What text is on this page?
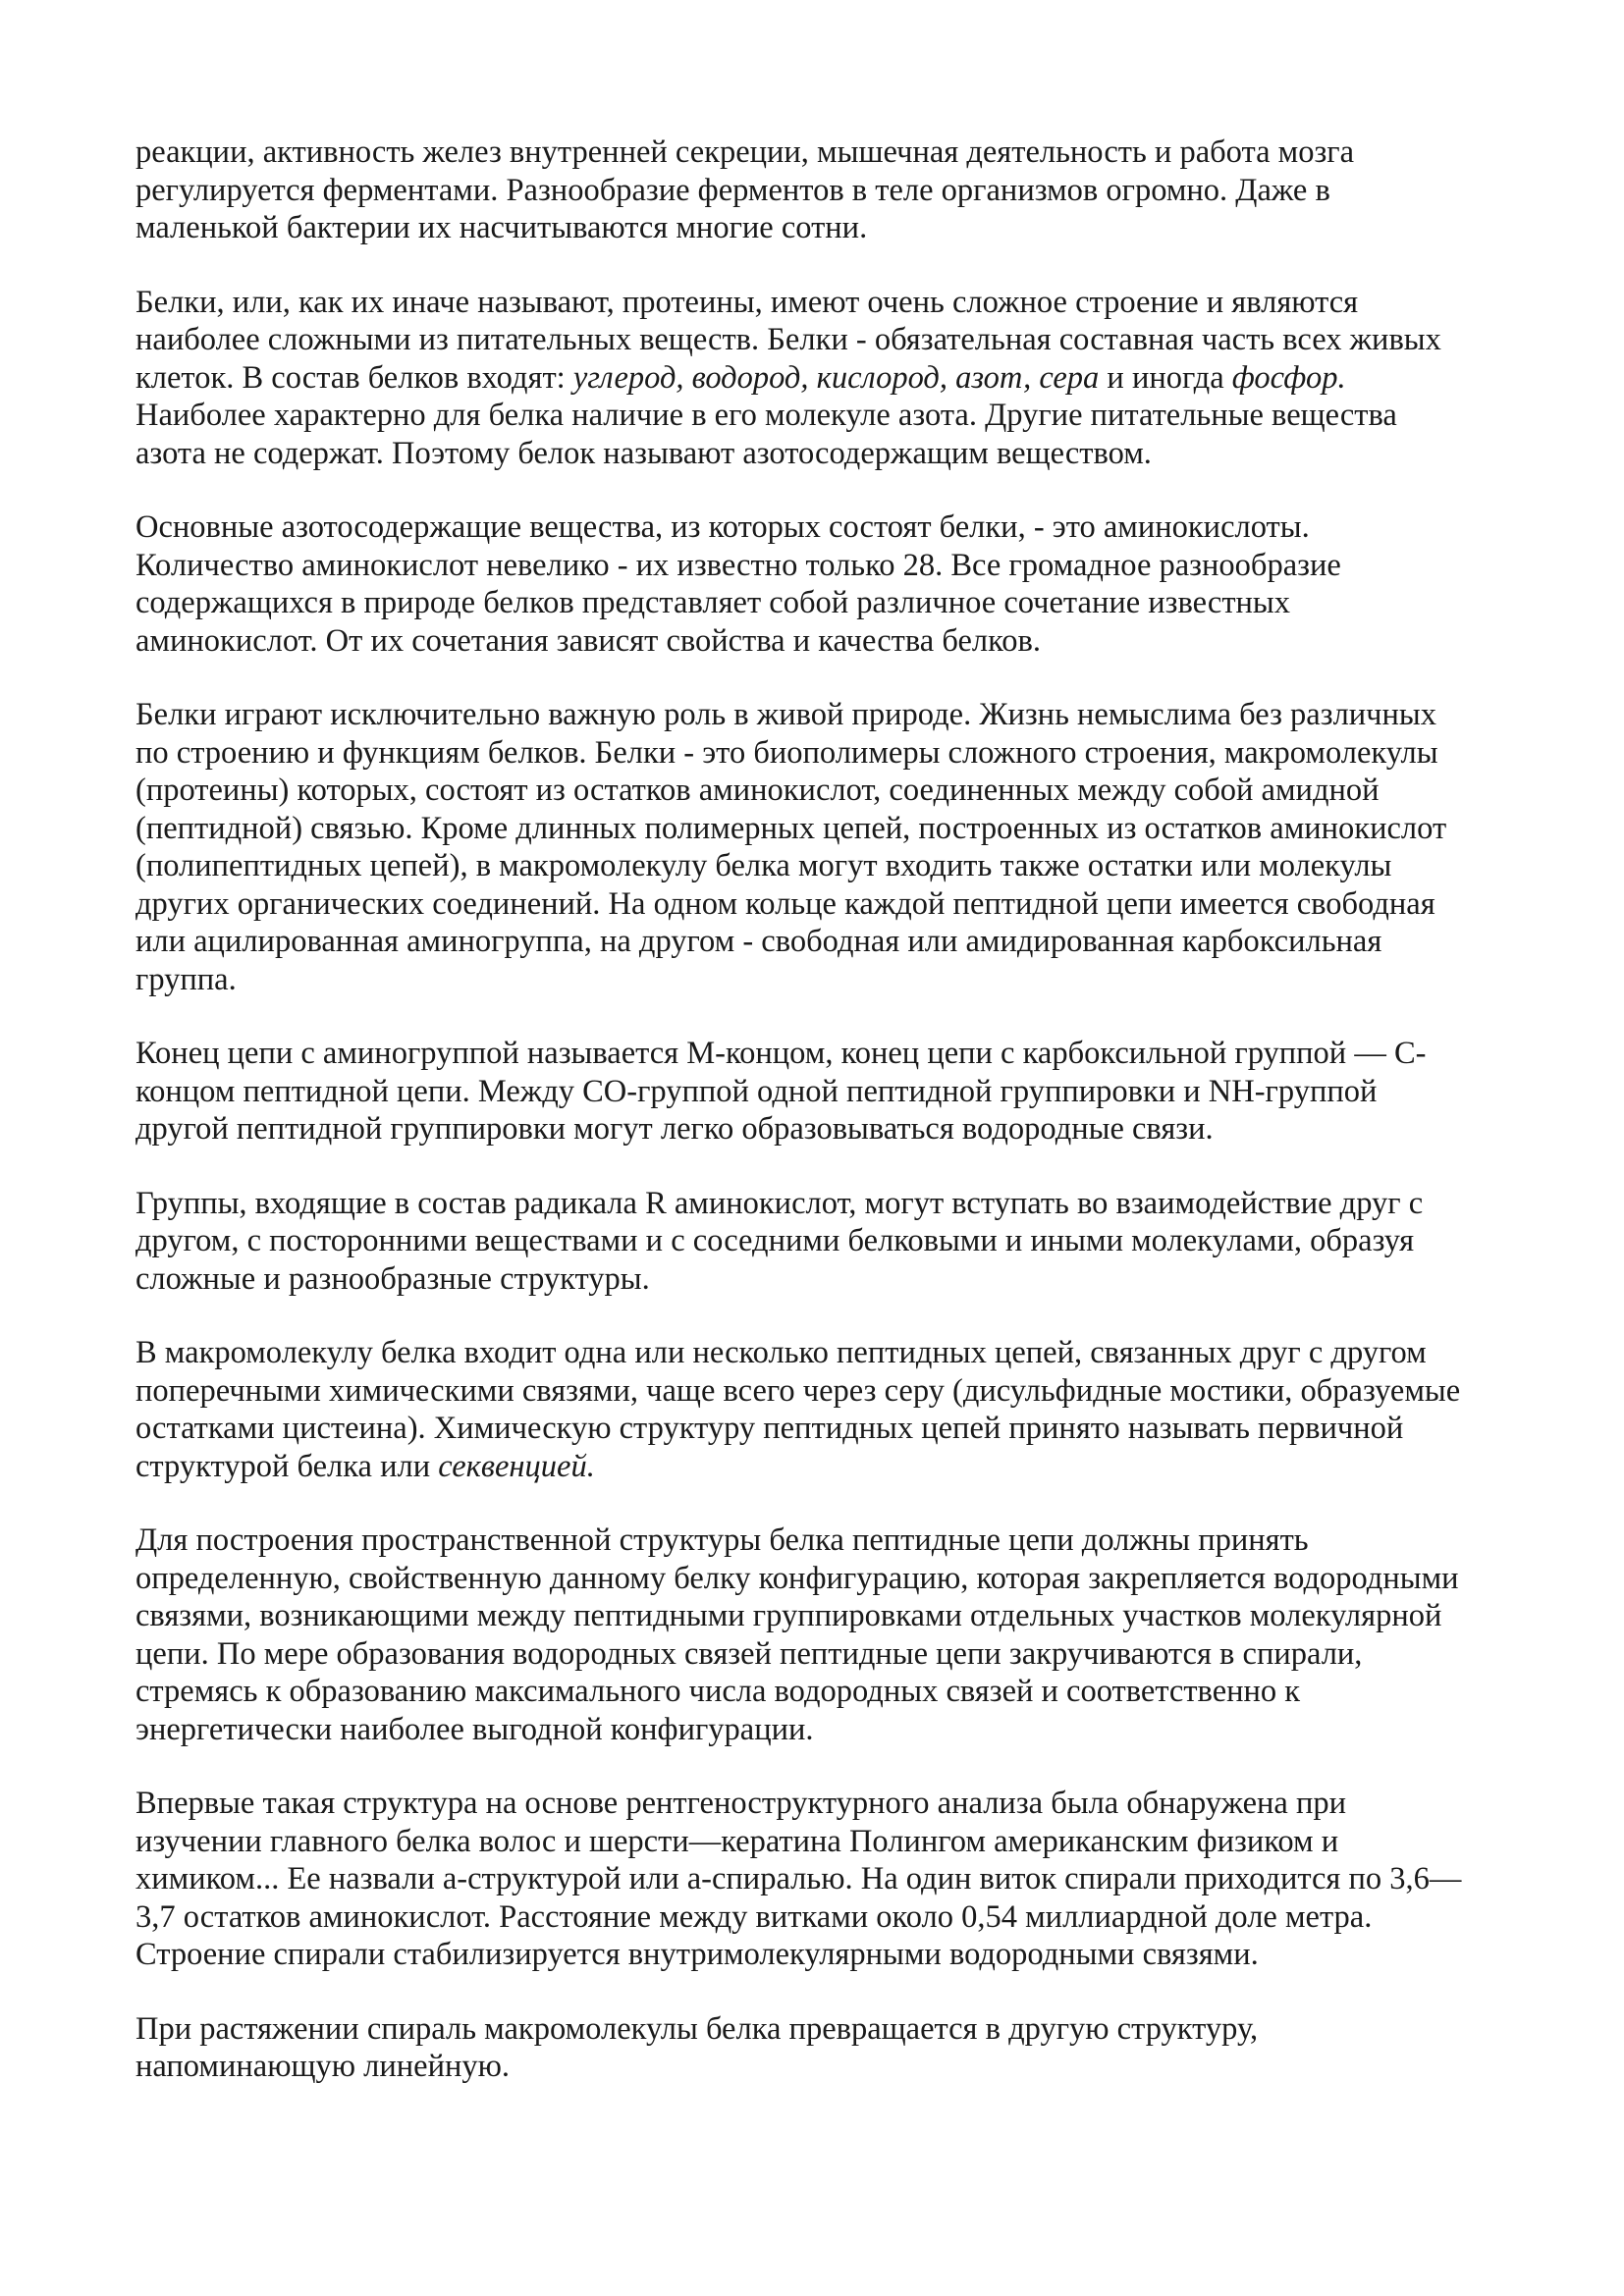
реакции, активность желез внутренней секреции, мышечная деятельность и работа мозга
регулируется ферментами. Разнообразие ферментов в теле организмов огромно. Даже в
маленькой бактерии их насчитываются многие сотни.

Белки, или, как их иначе называют, протеины, имеют очень сложное строение и являются
наиболее сложными из питательных веществ. Белки - обязательная составная часть всех живых
клеток. В состав белков входят: углерод, водород, кислород, азот, сера и иногда фосфор.
Наиболее характерно для белка наличие в его молекуле азота. Другие питательные вещества
азота не содержат. Поэтому белок называют азотосодержащим веществом.

Основные азотосодержащие вещества, из которых состоят белки, - это аминокислоты.
Количество аминокислот невелико - их известно только 28. Все громадное разнообразие
содержащихся в природе белков представляет собой различное сочетание известных
аминокислот. От их сочетания зависят свойства и качества белков.

Белки играют исключительно важную роль в живой природе. Жизнь немыслима без различных
по строению и функциям белков. Белки - это биополимеры сложного строения, макромолекулы
(протеины) которых, состоят из остатков аминокислот, соединенных между собой амидной
(пептидной) связью. Кроме длинных полимерных цепей, построенных из остатков аминокислот
(полипептидных цепей), в макромолекулу белка могут входить также остатки или молекулы
других органических соединений. На одном кольце каждой пептидной цепи имеется свободная
или ацилированная аминогруппа, на другом - свободная или амидированная карбоксильная
группа.

Конец цепи с аминогруппой называется М-концом, конец цепи с карбоксильной группой — С-
концом пептидной цепи. Между СО-группой одной пептидной группировки и NH-группой
другой пептидной группировки могут легко образовываться водородные связи.

Группы, входящие в состав радикала R аминокислот, могут вступать во взаимодействие друг с
другом, с посторонними веществами и с соседними белковыми и иными молекулами, образуя
сложные и разнообразные структуры.

В макромолекулу белка входит одна или несколько пептидных цепей, связанных друг с другом
поперечными химическими связями, чаще всего через серу (дисульфидные мостики, образуемые
остатками цистеина). Химическую структуру пептидных цепей принято называть первичной
структурой белка или секвенцией.

Для построения пространственной структуры белка пептидные цепи должны принять
определенную, свойственную данному белку конфигурацию, которая закрепляется водородными
связями, возникающими между пептидными группировками отдельных участков молекулярной
цепи. По мере образования водородных связей пептидные цепи закручиваются в спирали,
стремясь к образованию максимального числа водородных связей и соответственно к
энергетически наиболее выгодной конфигурации.

Впервые такая структура на основе рентгеноструктурного анализа была обнаружена при
изучении главного белка волос и шерсти—кератина Полингом американским физиком и
химиком... Ее назвали а-структурой или а-спиралью. На один виток спирали приходится по 3,6—
3,7 остатков аминокислот. Расстояние между витками около 0,54 миллиардной доле метра.
Строение спирали стабилизируется внутримолекулярными водородными связями.

При растяжении спираль макромолекулы белка превращается в другую структуру,
напоминающую линейную.
